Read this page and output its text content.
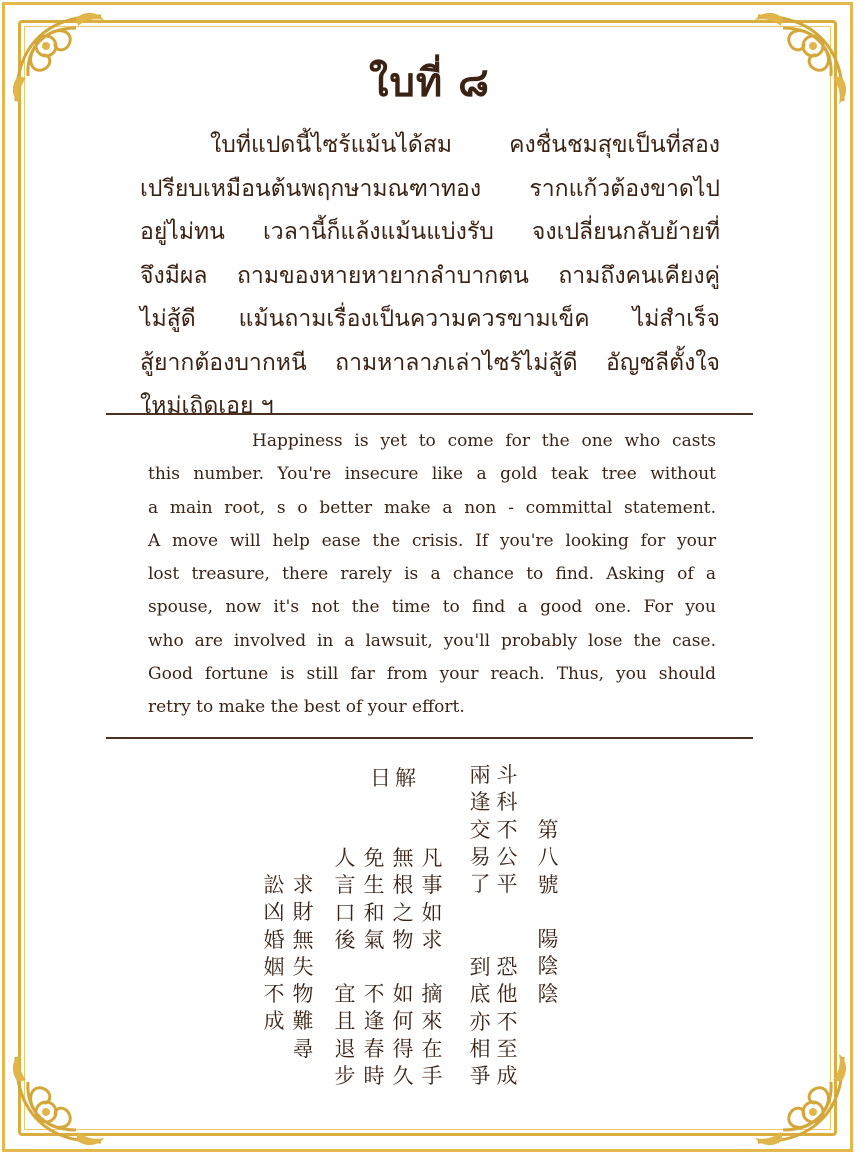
ใบที่ ๘
ใบที่แปดนี้ไซร้แม้นได้สม คงชื่นชมสุขเป็นที่สอง
เปรียบเหมือนต้นพฤกษามณฑาทอง รากแก้วต้องขาดไป
อยู่ไม่ทน เวลานี้ก็แล้งแม้นแบ่งรับ จงเปลี่ยนกลับย้ายที่
จึงมีผล ถามของหายหายากลำบากตน ถามถึงคนเคียงคู่
ไม่สู้ดี แม้นถามเรื่องเป็นความควรขามเข็ค ไม่สำเร็จ
สู้ยากต้องบากหนี ถามหาลาภเล่าไซร้ไม่สู้ดี อัญชลีตั้งใจ
ใหม่เถิดเอย ฯ
Happiness is yet to come for the one who casts
this number. You're insecure like a gold teak tree without
a main root, s o better make a non - committal statement.
A move will help ease the crisis. If you're looking for your
lost treasure, there rarely is a chance to find. Asking of a
spouse, now it's not the time to find a good one. For you
who are involved in a lawsuit, you'll probably lose the case.
Good fortune is still far from your reach. Thus, you should
retry to make the best of your effort.
日解
第
八
號

陽
陰
陰
斗
科
不
公
平
兩
逢
交
易
了
恐
他
不
至
成
到
底
亦
相
爭
凡
事
如
求
摘
來
在
手
無
根
之
物
如
何
得
久
免
生
和
氣
不
逢
春
時
人
言
口
後
宜
且
退
步
求
財
無
失
物
難
尋
訟
凶
婚
姻
不
成
